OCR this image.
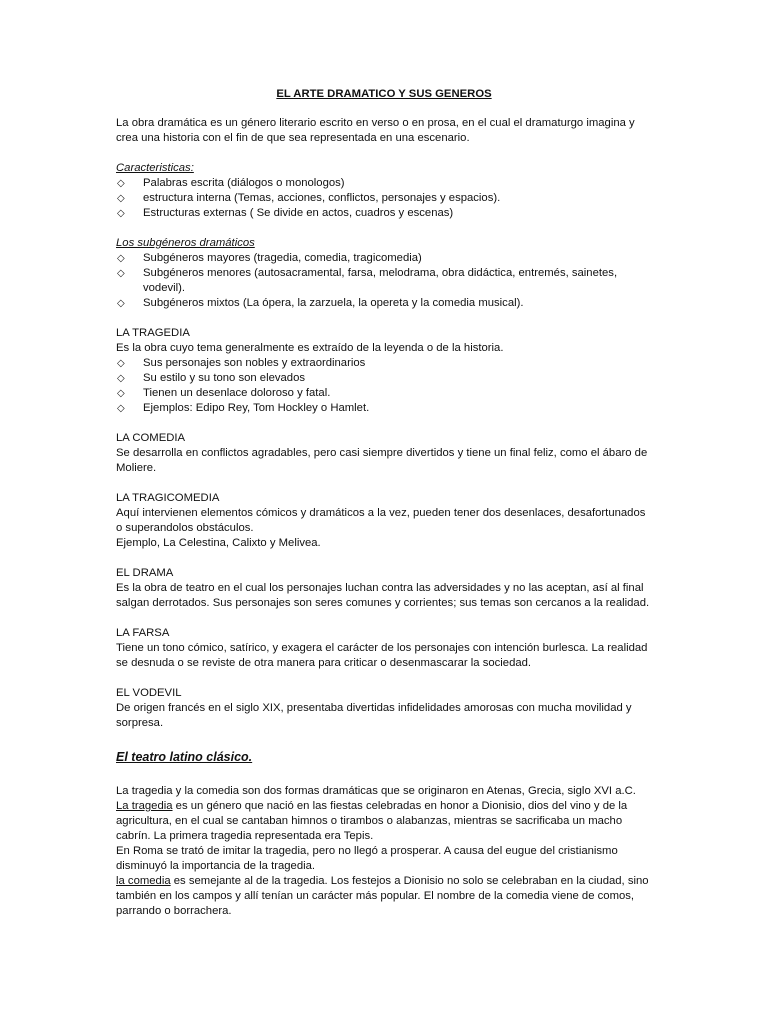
EL ARTE DRAMATICO Y SUS GENEROS

La obra dramática es un género literario escrito en verso o en prosa, en el cual el dramaturgo imagina y crea una historia con el fin de que sea representada en una escenario.

Caracteristicas:

◇ Palabras escrita (diálogos o monologos)
◇ estructura interna (Temas, acciones, conflictos, personajes y espacios).
◇ Estructuras externas ( Se divide en actos, cuadros y escenas)

Los subgéneros dramáticos

◇ Subgéneros mayores (tragedia, comedia, tragicomedia)
◇ Subgéneros menores (autosacramental, farsa, melodrama, obra didáctica, entremés, sainetes, vodevil).
◇ Subgéneros mixtos (La ópera, la zarzuela, la opereta y la comedia musical).

LA TRAGEDIA

Es la obra cuyo tema generalmente es extraído de la leyenda o de la historia.

◇ Sus personajes son nobles y extraordinarios
◇ Su estilo y su tono son elevados
◇ Tienen un desenlace doloroso y fatal.
◇ Ejemplos: Edipo Rey, Tom Hockley o Hamlet.

LA COMEDIA

Se desarrolla en conflictos agradables, pero casi siempre divertidos y tiene un final feliz, como el ábaro de Moliere.

LA TRAGICOMEDIA

Aquí intervienen elementos cómicos y dramáticos a la vez, pueden tener dos desenlaces, desafortunados o superandolos obstáculos.

Ejemplo, La Celestina, Calixto y Melivea.

EL DRAMA

Es la obra de teatro en el cual los personajes luchan contra las adversidades y no las aceptan, así al final salgan derrotados. Sus personajes son seres comunes y corrientes; sus temas son cercanos a la realidad.

LA FARSA

Tiene un tono cómico, satírico, y exagera el carácter de los personajes con intención burlesca. La realidad se desnuda o se reviste de otra manera para criticar o desenmascarar la sociedad.

EL VODEVIL

De origen francés en el siglo XIX, presentaba divertidas infidelidades amorosas con mucha movilidad y sorpresa.

El teatro latino clásico.

La tragedia y la comedia son dos formas dramáticas que se originaron en Atenas, Grecia, siglo XVI a.C.

La tragedia es un género que nació en las fiestas celebradas en honor a Dionisio, dios del vino y de la agricultura, en el cual se cantaban himnos o tirambos o alabanzas, mientras se sacrificaba un macho cabrín. La primera tragedia representada era Tepis.

En Roma se trató de imitar la tragedia, pero no llegó a prosperar. A causa del eugue del cristianismo disminuyó la importancia de la tragedia.

la comedia es semejante al de la tragedia. Los festejos a Dionisio no solo se celebraban en la ciudad, sino también en los campos y allí tenían un carácter más popular. El nombre de la comedia viene de comos, parrando o borrachera.
